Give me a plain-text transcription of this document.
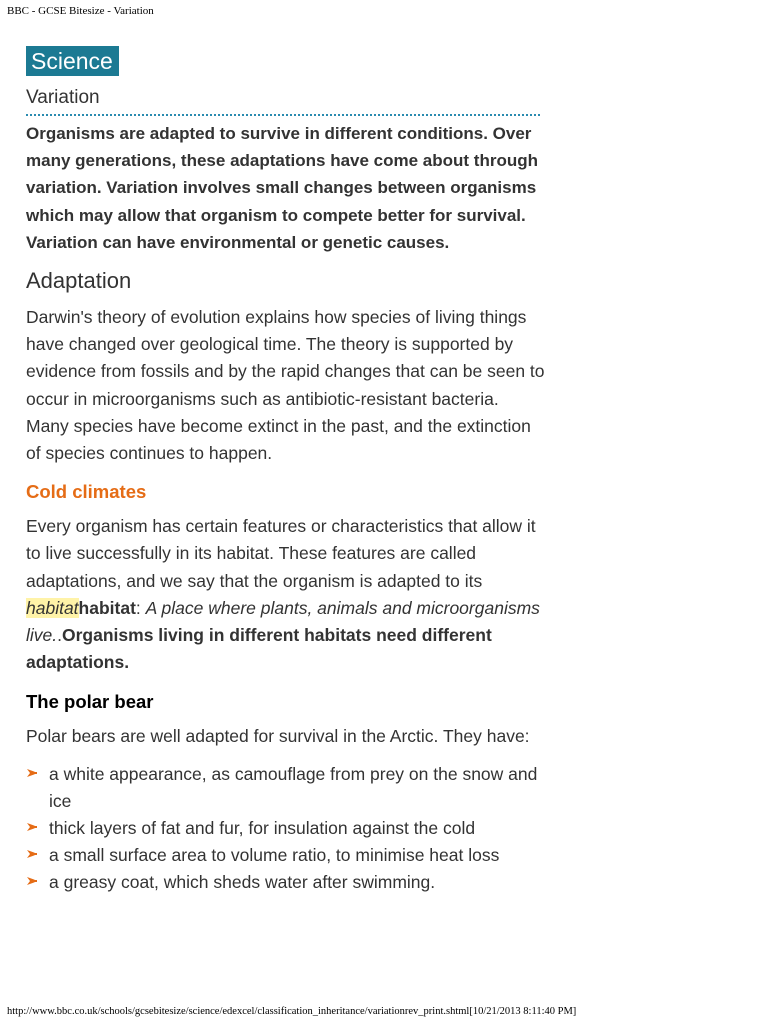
BBC - GCSE Bitesize - Variation
Science
Variation

Organisms are adapted to survive in different conditions. Over many generations, these adaptations have come about through variation. Variation involves small changes between organisms which may allow that organism to compete better for survival. Variation can have environmental or genetic causes.

Adaptation

Darwin's theory of evolution explains how species of living things have changed over geological time. The theory is supported by evidence from fossils and by the rapid changes that can be seen to occur in microorganisms such as antibiotic-resistant bacteria. Many species have become extinct in the past, and the extinction of species continues to happen.

Cold climates

Every organism has certain features or characteristics that allow it to live successfully in its habitat. These features are called adaptations, and we say that the organism is adapted to its habitathabitat: A place where plants, animals and microorganisms live..Organisms living in different habitats need different adaptations.

The polar bear

Polar bears are well adapted for survival in the Arctic. They have:

a white appearance, as camouflage from prey on the snow and ice
thick layers of fat and fur, for insulation against the cold
a small surface area to volume ratio, to minimise heat loss
a greasy coat, which sheds water after swimming.
http://www.bbc.co.uk/schools/gcsebitesize/science/edexcel/classification_inheritance/variationrev_print.shtml[10/21/2013 8:11:40 PM]
